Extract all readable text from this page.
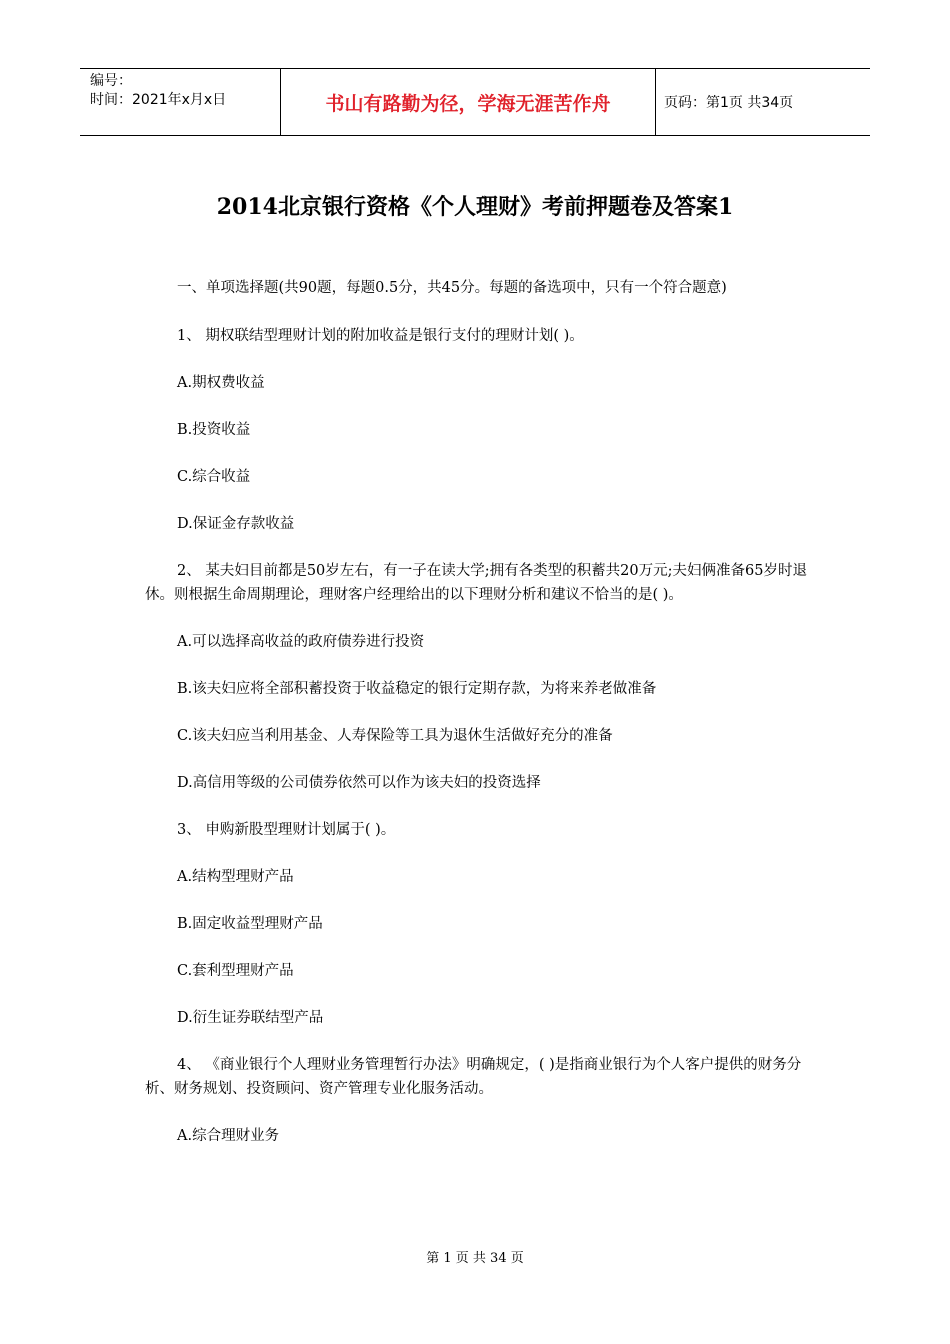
编号：
时间：2021年x月x日	书山有路勤为径，学海无涯苦作舟	页码：第1页 共34页
2014北京银行资格《个人理财》考前押题卷及答案1

一、单项选择题(共90题，每题0.5分，共45分。每题的备选项中，只有一个符合题意)

1、 期权联结型理财计划的附加收益是银行支付的理财计划( )。

A.期权费收益

B.投资收益

C.综合收益

D.保证金存款收益

2、 某夫妇目前都是50岁左右，有一子在读大学;拥有各类型的积蓄共20万元;夫妇俩准备65岁时退休。则根据生命周期理论，理财客户经理给出的以下理财分析和建议不恰当的是( )。

A.可以选择高收益的政府债券进行投资

B.该夫妇应将全部积蓄投资于收益稳定的银行定期存款，为将来养老做准备

C.该夫妇应当利用基金、人寿保险等工具为退休生活做好充分的准备

D.高信用等级的公司债券依然可以作为该夫妇的投资选择

3、 申购新股型理财计划属于( )。

A.结构型理财产品

B.固定收益型理财产品

C.套利型理财产品

D.衍生证券联结型产品

4、 《商业银行个人理财业务管理暂行办法》明确规定，( )是指商业银行为个人客户提供的财务分析、财务规划、投资顾问、资产管理专业化服务活动。

A.综合理财业务

第 1 页 共 34 页
